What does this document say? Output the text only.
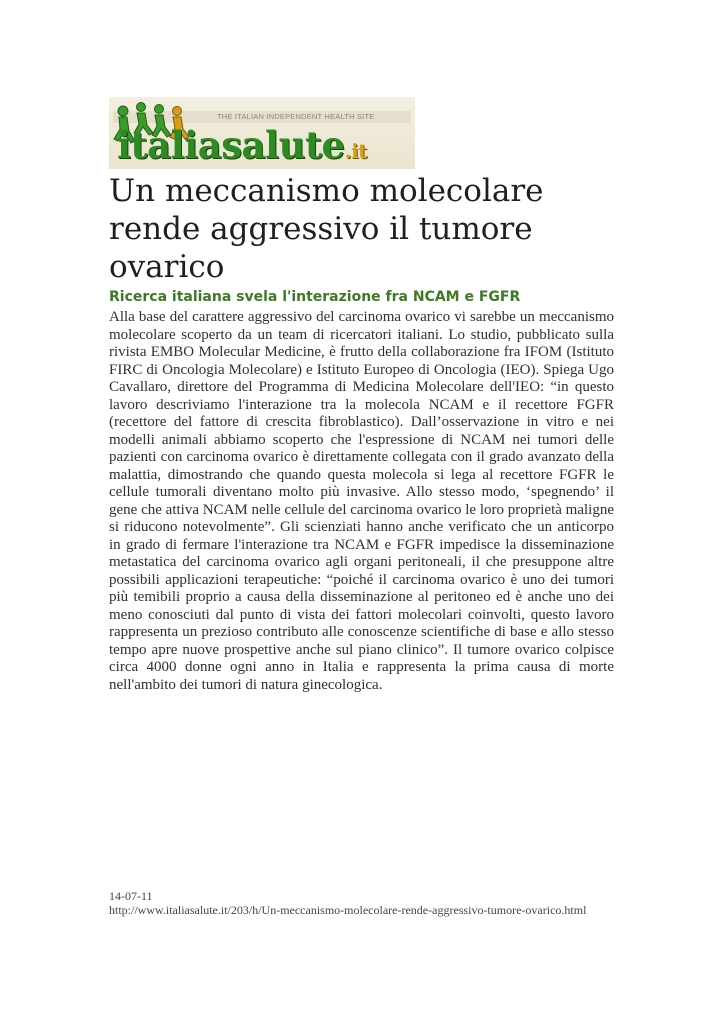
THE ITALIAN INDEPENDENT HEALTH SITE
italiasalute.it
Un meccanismo molecolare rende aggressivo il tumore ovarico
Ricerca italiana svela l'interazione fra NCAM e FGFR

Alla base del carattere aggressivo del carcinoma ovarico vi sarebbe un meccanismo molecolare scoperto da un team di ricercatori italiani. Lo studio, pubblicato sulla rivista EMBO Molecular Medicine, è frutto della collaborazione fra IFOM (Istituto FIRC di Oncologia Molecolare) e Istituto Europeo di Oncologia (IEO). Spiega Ugo Cavallaro, direttore del Programma di Medicina Molecolare dell'IEO: “in questo lavoro descriviamo l'interazione tra la molecola NCAM e il recettore FGFR (recettore del fattore di crescita fibroblastico). Dall’osservazione in vitro e nei modelli animali abbiamo scoperto che l'espressione di NCAM nei tumori delle pazienti con carcinoma ovarico è direttamente collegata con il grado avanzato della malattia, dimostrando che quando questa molecola si lega al recettore FGFR le cellule tumorali diventano molto più invasive. Allo stesso modo, ‘spegnendo’ il gene che attiva NCAM nelle cellule del carcinoma ovarico le loro proprietà maligne si riducono notevolmente”. Gli scienziati hanno anche verificato che un anticorpo in grado di fermare l'interazione tra NCAM e FGFR impedisce la disseminazione metastatica del carcinoma ovarico agli organi peritoneali, il che presuppone altre possibili applicazioni terapeutiche: “poiché il carcinoma ovarico è uno dei tumori più temibili proprio a causa della disseminazione al peritoneo ed è anche uno dei meno conosciuti dal punto di vista dei fattori molecolari coinvolti, questo lavoro rappresenta un prezioso contributo alle conoscenze scientifiche di base e allo stesso tempo apre nuove prospettive anche sul piano clinico”. Il tumore ovarico colpisce circa 4000 donne ogni anno in Italia e rappresenta la prima causa di morte nell'ambito dei tumori di natura ginecologica.

14-07-11
http://www.italiasalute.it/203/h/Un-meccanismo-molecolare-rende-aggressivo-tumore-ovarico.html
